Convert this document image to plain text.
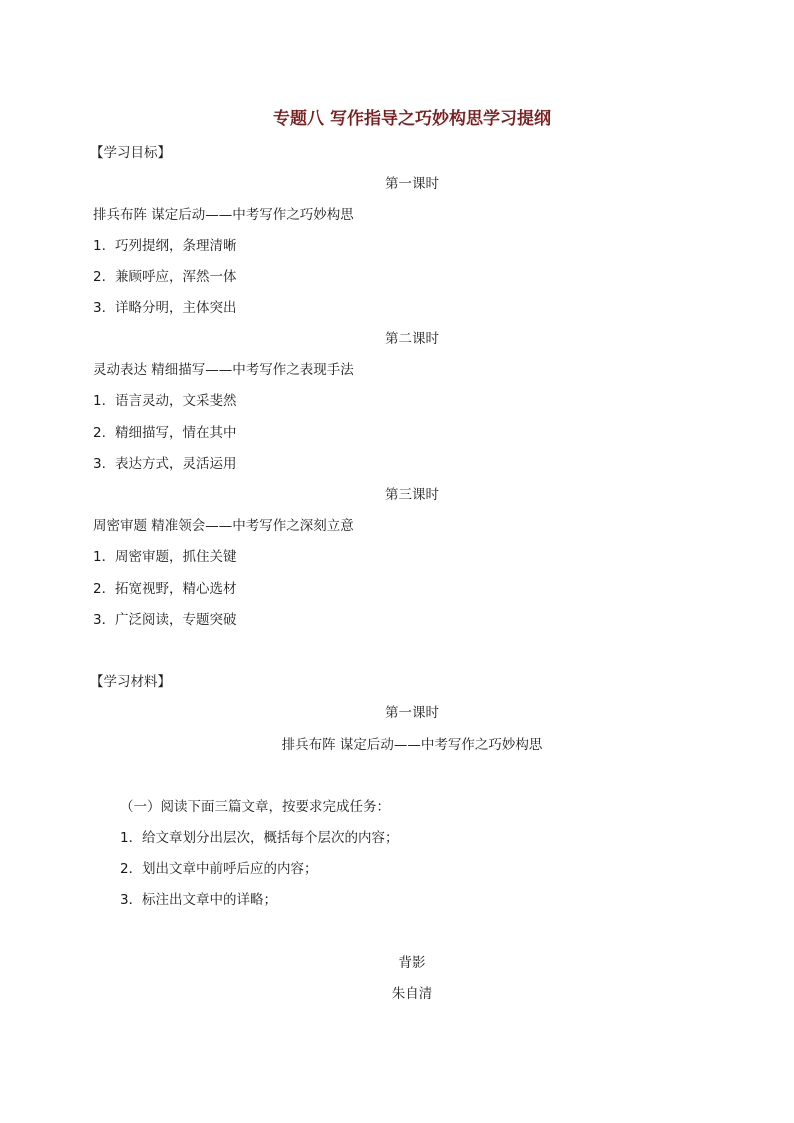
专题八 写作指导之巧妙构思学习提纲
【学习目标】
第一课时
排兵布阵 谋定后动——中考写作之巧妙构思
1. 巧列提纲，条理清晰
2. 兼顾呼应，浑然一体
3. 详略分明，主体突出
第二课时
灵动表达 精细描写——中考写作之表现手法
1. 语言灵动，文采斐然
2. 精细描写，情在其中
3. 表达方式，灵活运用
第三课时
周密审题 精准领会——中考写作之深刻立意
1．周密审题，抓住关键
2．拓宽视野，精心选材
3．广泛阅读，专题突破
【学习材料】
第一课时
排兵布阵 谋定后动——中考写作之巧妙构思
（一）阅读下面三篇文章，按要求完成任务：
1．给文章划分出层次，概括每个层次的内容；
2．划出文章中前呼后应的内容；
3．标注出文章中的详略；
背影
朱自清
